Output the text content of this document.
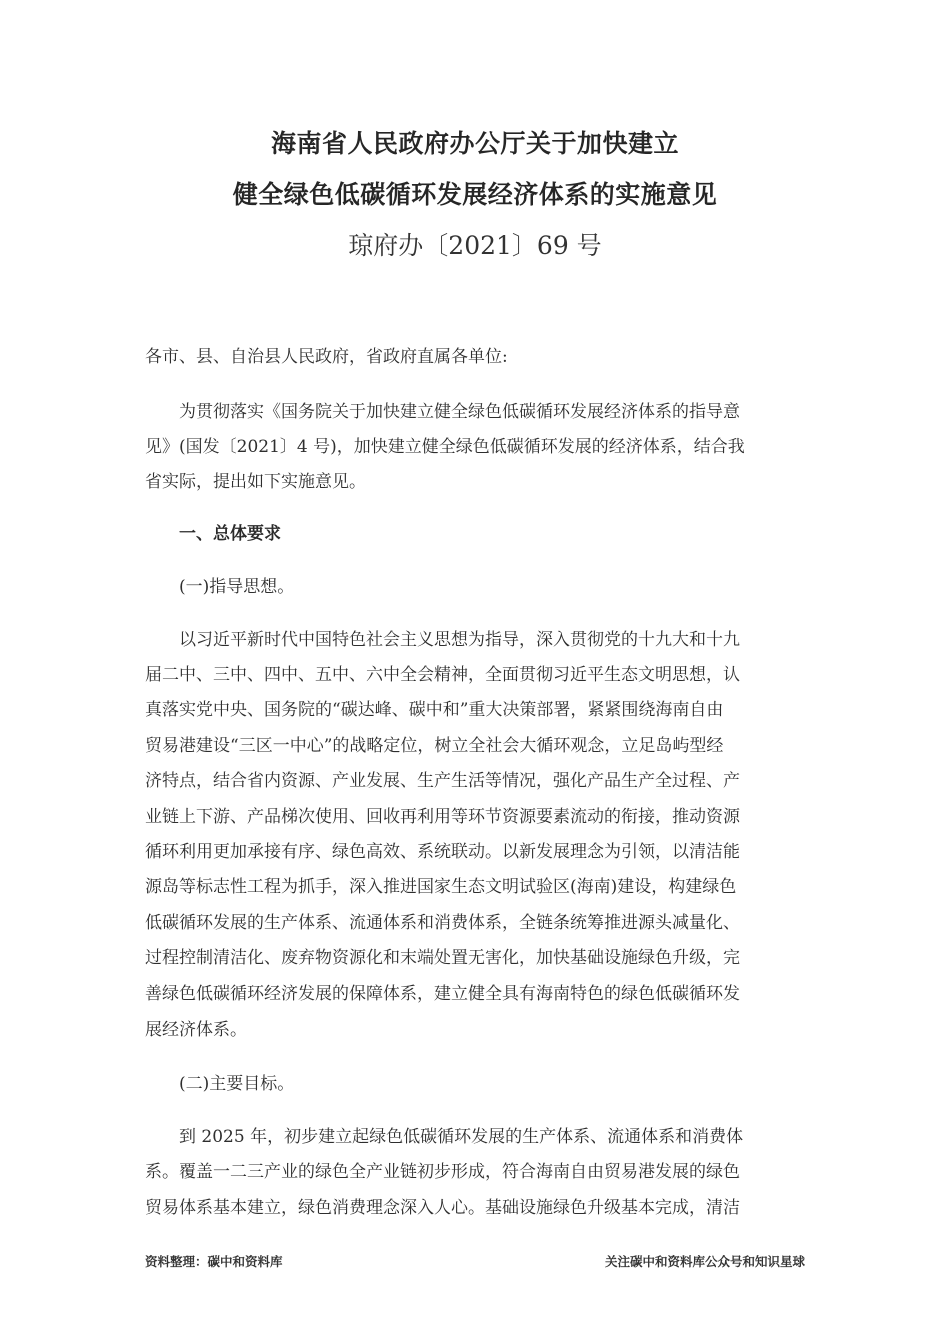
海南省人民政府办公厅关于加快建立
健全绿色低碳循环发展经济体系的实施意见
琼府办〔2021〕69 号
各市、县、自治县人民政府，省政府直属各单位:
为贯彻落实《国务院关于加快建立健全绿色低碳循环发展经济体系的指导意
见》(国发〔2021〕4 号)，加快建立健全绿色低碳循环发展的经济体系，结合我
省实际，提出如下实施意见。
一、总体要求
(一)指导思想。
以习近平新时代中国特色社会主义思想为指导，深入贯彻党的十九大和十九
届二中、三中、四中、五中、六中全会精神，全面贯彻习近平生态文明思想，认
真落实党中央、国务院的“碳达峰、碳中和”重大决策部署，紧紧围绕海南自由
贸易港建设“三区一中心”的战略定位，树立全社会大循环观念，立足岛屿型经
济特点，结合省内资源、产业发展、生产生活等情况，强化产品生产全过程、产
业链上下游、产品梯次使用、回收再利用等环节资源要素流动的衔接，推动资源
循环利用更加承接有序、绿色高效、系统联动。以新发展理念为引领，以清洁能
源岛等标志性工程为抓手，深入推进国家生态文明试验区(海南)建设，构建绿色
低碳循环发展的生产体系、流通体系和消费体系，全链条统筹推进源头减量化、
过程控制清洁化、废弃物资源化和末端处置无害化，加快基础设施绿色升级，完
善绿色低碳循环经济发展的保障体系，建立健全具有海南特色的绿色低碳循环发
展经济体系。
(二)主要目标。
到 2025 年，初步建立起绿色低碳循环发展的生产体系、流通体系和消费体
系。覆盖一二三产业的绿色全产业链初步形成，符合海南自由贸易港发展的绿色
贸易体系基本建立，绿色消费理念深入人心。基础设施绿色升级基本完成，清洁
资料整理：碳中和资料库	关注碳中和资料库公众号和知识星球
